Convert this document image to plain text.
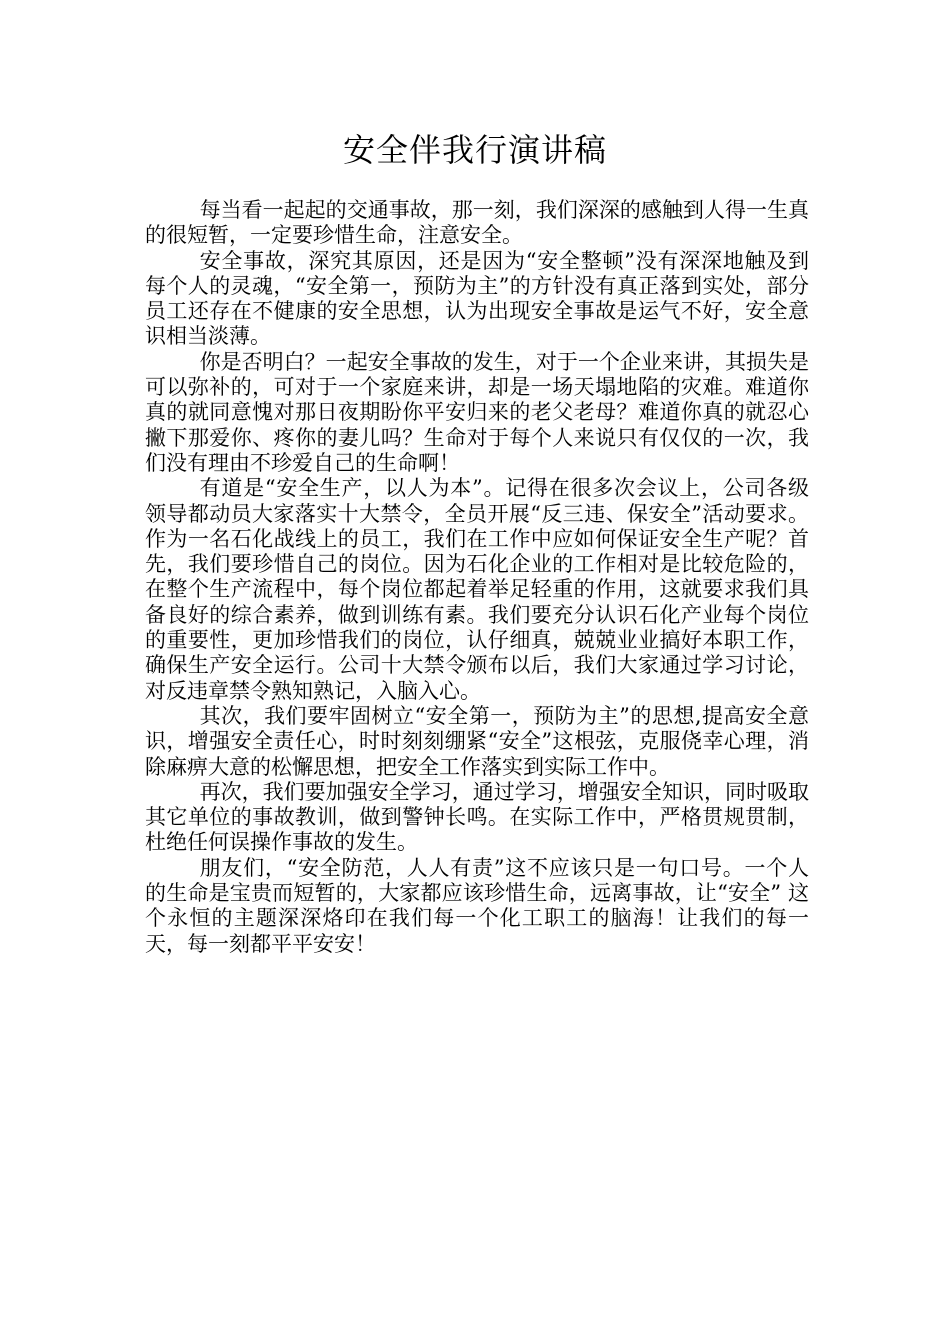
安全伴我行演讲稿

每当看一起起的交通事故，那一刻，我们深深的感触到人得一生真的很短暂，一定要珍惜生命，注意安全。

安全事故，深究其原因，还是因为“安全整顿”没有深深地触及到每个人的灵魂，“安全第一，预防为主”的方针没有真正落到实处，部分员工还存在不健康的安全思想，认为出现安全事故是运气不好，安全意识相当淡薄。

你是否明白？一起安全事故的发生，对于一个企业来讲，其损失是可以弥补的，可对于一个家庭来讲，却是一场天塌地陷的灾难。难道你真的就同意愧对那日夜期盼你平安归来的老父老母？难道你真的就忍心撇下那爱你、疼你的妻儿吗？生命对于每个人来说只有仅仅的一次，我们没有理由不珍爱自己的生命啊！

有道是“安全生产，以人为本”。记得在很多次会议上，公司各级领导都动员大家落实十大禁令，全员开展“反三违、保安全”活动要求。作为一名石化战线上的员工，我们在工作中应如何保证安全生产呢？首先，我们要珍惜自己的岗位。因为石化企业的工作相对是比较危险的，在整个生产流程中，每个岗位都起着举足轻重的作用，这就要求我们具备良好的综合素养，做到训练有素。我们要充分认识石化产业每个岗位的重要性，更加珍惜我们的岗位，认仔细真，兢兢业业搞好本职工作，确保生产安全运行。公司十大禁令颁布以后，我们大家通过学习讨论，对反违章禁令熟知熟记，入脑入心。

其次，我们要牢固树立“安全第一，预防为主”的思想,提高安全意识，增强安全责任心，时时刻刻绷紧“安全”这根弦，克服侥幸心理，消除麻痹大意的松懈思想，把安全工作落实到实际工作中。

再次，我们要加强安全学习，通过学习，增强安全知识，同时吸取其它单位的事故教训，做到警钟长鸣。在实际工作中，严格贯规贯制，杜绝任何误操作事故的发生。

朋友们，“安全防范，人人有责”这不应该只是一句口号。一个人的生命是宝贵而短暂的，大家都应该珍惜生命，远离事故，让“安全” 这个永恒的主题深深烙印在我们每一个化工职工的脑海！让我们的每一天，每一刻都平平安安！
